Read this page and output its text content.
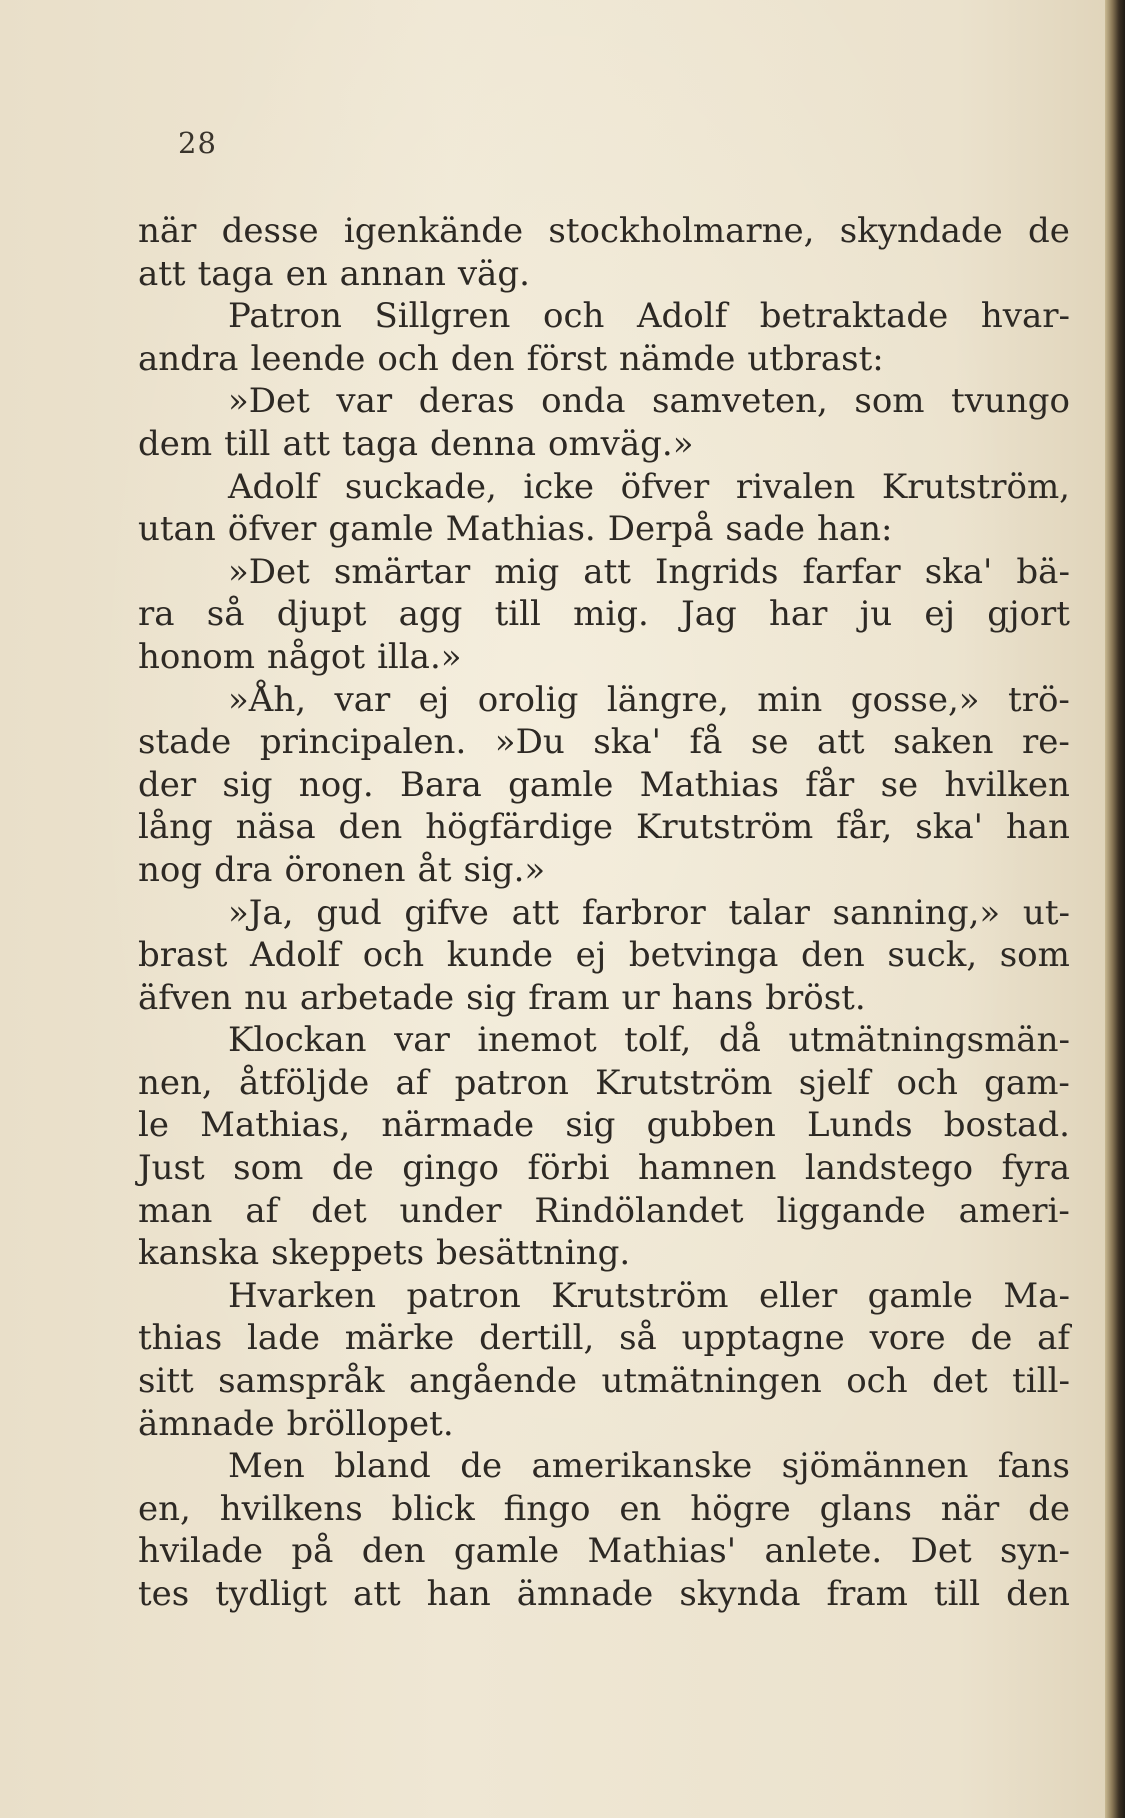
28
när desse igenkände stockholmarne, skyndade de
att taga en annan väg.
Patron Sillgren och Adolf betraktade hvar-
andra leende och den först nämde utbrast:
»Det var deras onda samveten, som tvungo
dem till att taga denna omväg.»
Adolf suckade, icke öfver rivalen Krutström,
utan öfver gamle Mathias. Derpå sade han:
»Det smärtar mig att Ingrids farfar ska' bä-
ra så djupt agg till mig. Jag har ju ej gjort
honom något illa.»
»Åh, var ej orolig längre, min gosse,» trö-
stade principalen. »Du ska' få se att saken re-
der sig nog. Bara gamle Mathias får se hvilken
lång näsa den högfärdige Krutström får, ska' han
nog dra öronen åt sig.»
»Ja, gud gifve att farbror talar sanning,» ut-
brast Adolf och kunde ej betvinga den suck, som
äfven nu arbetade sig fram ur hans bröst.
Klockan var inemot tolf, då utmätningsmän-
nen, åtföljde af patron Krutström sjelf och gam-
le Mathias, närmade sig gubben Lunds bostad.
Just som de gingo förbi hamnen landstego fyra
man af det under Rindölandet liggande ameri-
kanska skeppets besättning.
Hvarken patron Krutström eller gamle Ma-
thias lade märke dertill, så upptagne vore de af
sitt samspråk angående utmätningen och det till-
ämnade bröllopet.
Men bland de amerikanske sjömännen fans
en, hvilkens blick fingo en högre glans när de
hvilade på den gamle Mathias' anlete. Det syn-
tes tydligt att han ämnade skynda fram till den
